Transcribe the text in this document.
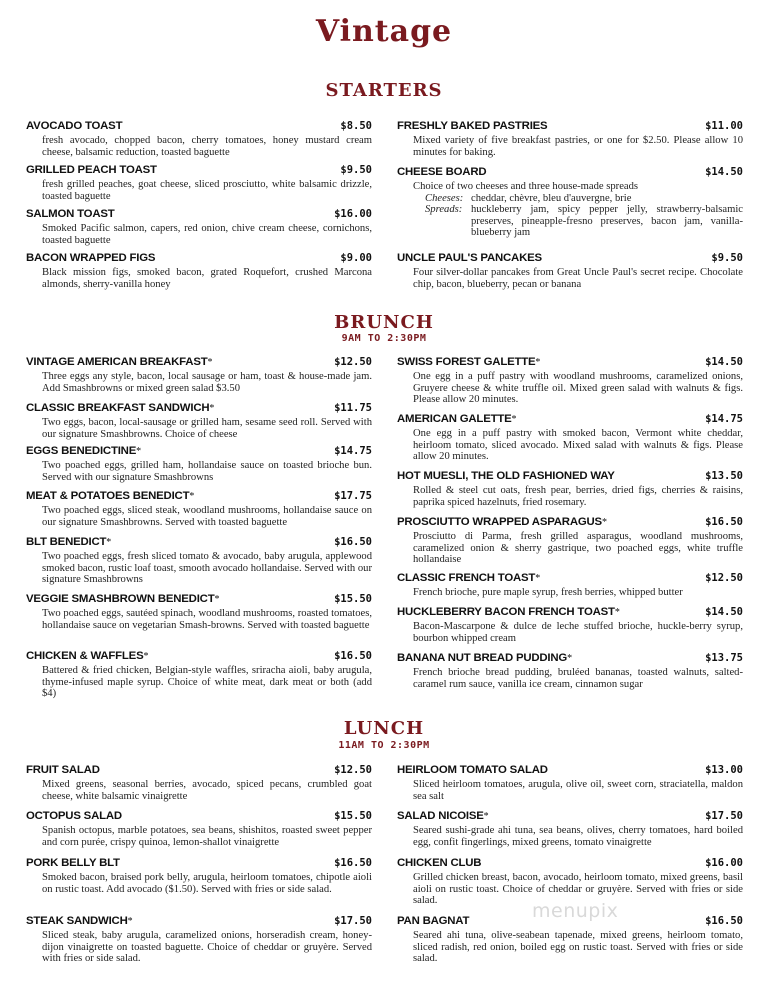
Vintage
STARTERS
AVOCADO TOAST	$8.50
fresh avocado, chopped bacon, cherry tomatoes, honey mustard cream cheese, balsamic reduction, toasted baguette
GRILLED PEACH TOAST	$9.50
fresh grilled peaches, goat cheese, sliced prosciutto, white balsamic drizzle, toasted baguette
SALMON TOAST	$16.00
Smoked Pacific salmon, capers, red onion, chive cream cheese, cornichons, toasted baguette
BACON WRAPPED FIGS	$9.00
Black mission figs, smoked bacon, grated Roquefort, crushed Marcona almonds, sherry-vanilla honey
FRESHLY BAKED PASTRIES	$11.00
Mixed variety of five breakfast pastries, or one for $2.50. Please allow 10 minutes for baking.
CHEESE BOARD	$14.50
Choice of two cheeses and three house-made spreads
Cheeses: cheddar, chèvre, bleu d'auvergne, brie
Spreads: huckleberry jam, spicy pepper jelly, strawberry-balsamic preserves, pineapple-fresno preserves, bacon jam, vanilla-blueberry jam
UNCLE PAUL'S PANCAKES	$9.50
Four silver-dollar pancakes from Great Uncle Paul's secret recipe. Chocolate chip, bacon, blueberry, pecan or banana
BRUNCH
9AM TO 2:30PM
VINTAGE AMERICAN BREAKFAST*	$12.50
Three eggs any style, bacon, local sausage or ham, toast & house-made jam. Add Smashbrowns or mixed green salad $3.50
CLASSIC BREAKFAST SANDWICH*	$11.75
Two eggs, bacon, local-sausage or grilled ham, sesame seed roll. Served with our signature Smashbrowns. Choice of cheese
EGGS BENEDICTINE*	$14.75
Two poached eggs, grilled ham, hollandaise sauce on toasted brioche bun. Served with our signature Smashbrowns
MEAT & POTATOES BENEDICT*	$17.75
Two poached eggs, sliced steak, woodland mushrooms, hollandaise sauce on our signature Smashbrowns. Served with toasted baguette
BLT BENEDICT*	$16.50
Two poached eggs, fresh sliced tomato & avocado, baby arugula, applewood smoked bacon, rustic loaf toast, smooth avocado hollandaise. Served with our signature Smashbrowns
VEGGIE SMASHBROWN BENEDICT*	$15.50
Two poached eggs, sautéed spinach, woodland mushrooms, roasted tomatoes, hollandaise sauce on vegetarian Smash-browns. Served with toasted baguette
CHICKEN & WAFFLES*	$16.50
Battered & fried chicken, Belgian-style waffles, sriracha aioli, baby arugula, thyme-infused maple syrup. Choice of white meat, dark meat or both (add $4)
SWISS FOREST GALETTE*	$14.50
One egg in a puff pastry with woodland mushrooms, caramelized onions, Gruyere cheese & white truffle oil. Mixed green salad with walnuts & figs. Please allow 20 minutes.
AMERICAN GALETTE*	$14.75
One egg in a puff pastry with smoked bacon, Vermont white cheddar, heirloom tomato, sliced avocado. Mixed salad with walnuts & figs. Please allow 20 minutes.
HOT MUESLI, THE OLD FASHIONED WAY	$13.50
Rolled & steel cut oats, fresh pear, berries, dried figs, cherries & raisins, paprika spiced hazelnuts, fried rosemary.
PROSCIUTTO WRAPPED ASPARAGUS*	$16.50
Prosciutto di Parma, fresh grilled asparagus, woodland mushrooms, caramelized onion & sherry gastrique, two poached eggs, white truffle hollandaise
CLASSIC FRENCH TOAST*	$12.50
French brioche, pure maple syrup, fresh berries, whipped butter
HUCKLEBERRY BACON FRENCH TOAST*	$14.50
Bacon-Mascarpone & dulce de leche stuffed brioche, huckle-berry syrup, bourbon whipped cream
BANANA NUT BREAD PUDDING*	$13.75
French brioche bread pudding, bruléed bananas, toasted walnuts, salted-caramel rum sauce, vanilla ice cream, cinnamon sugar
LUNCH
11AM TO 2:30PM
FRUIT SALAD	$12.50
Mixed greens, seasonal berries, avocado, spiced pecans, crumbled goat cheese, white balsamic vinaigrette
OCTOPUS SALAD	$15.50
Spanish octopus, marble potatoes, sea beans, shishitos, roasted sweet pepper and corn purée, crispy quinoa, lemon-shallot vinaigrette
PORK BELLY BLT	$16.50
Smoked bacon, braised pork belly, arugula, heirloom tomatoes, chipotle aioli on rustic toast. Add avocado ($1.50). Served with fries or side salad.
STEAK SANDWICH*	$17.50
Sliced steak, baby arugula, caramelized onions, horseradish cream, honey-dijon vinaigrette on toasted baguette. Choice of cheddar or gruyère. Served with fries or side salad.
HEIRLOOM TOMATO SALAD	$13.00
Sliced heirloom tomatoes, arugula, olive oil, sweet corn, straciatella, maldon sea salt
SALAD NICOISE*	$17.50
Seared sushi-grade ahi tuna, sea beans, olives, cherry tomatoes, hard boiled egg, confit fingerlings, mixed greens, tomato vinaigrette
CHICKEN CLUB	$16.00
Grilled chicken breast, bacon, avocado, heirloom tomato, mixed greens, basil aioli on rustic toast. Choice of cheddar or gruyère. Served with fries or side salad.
PAN BAGNAT	$16.50
Seared ahi tuna, olive-seabean tapenade, mixed greens, heirloom tomato, sliced radish, red onion, boiled egg on rustic toast. Served with fries or side salad.
menupix
